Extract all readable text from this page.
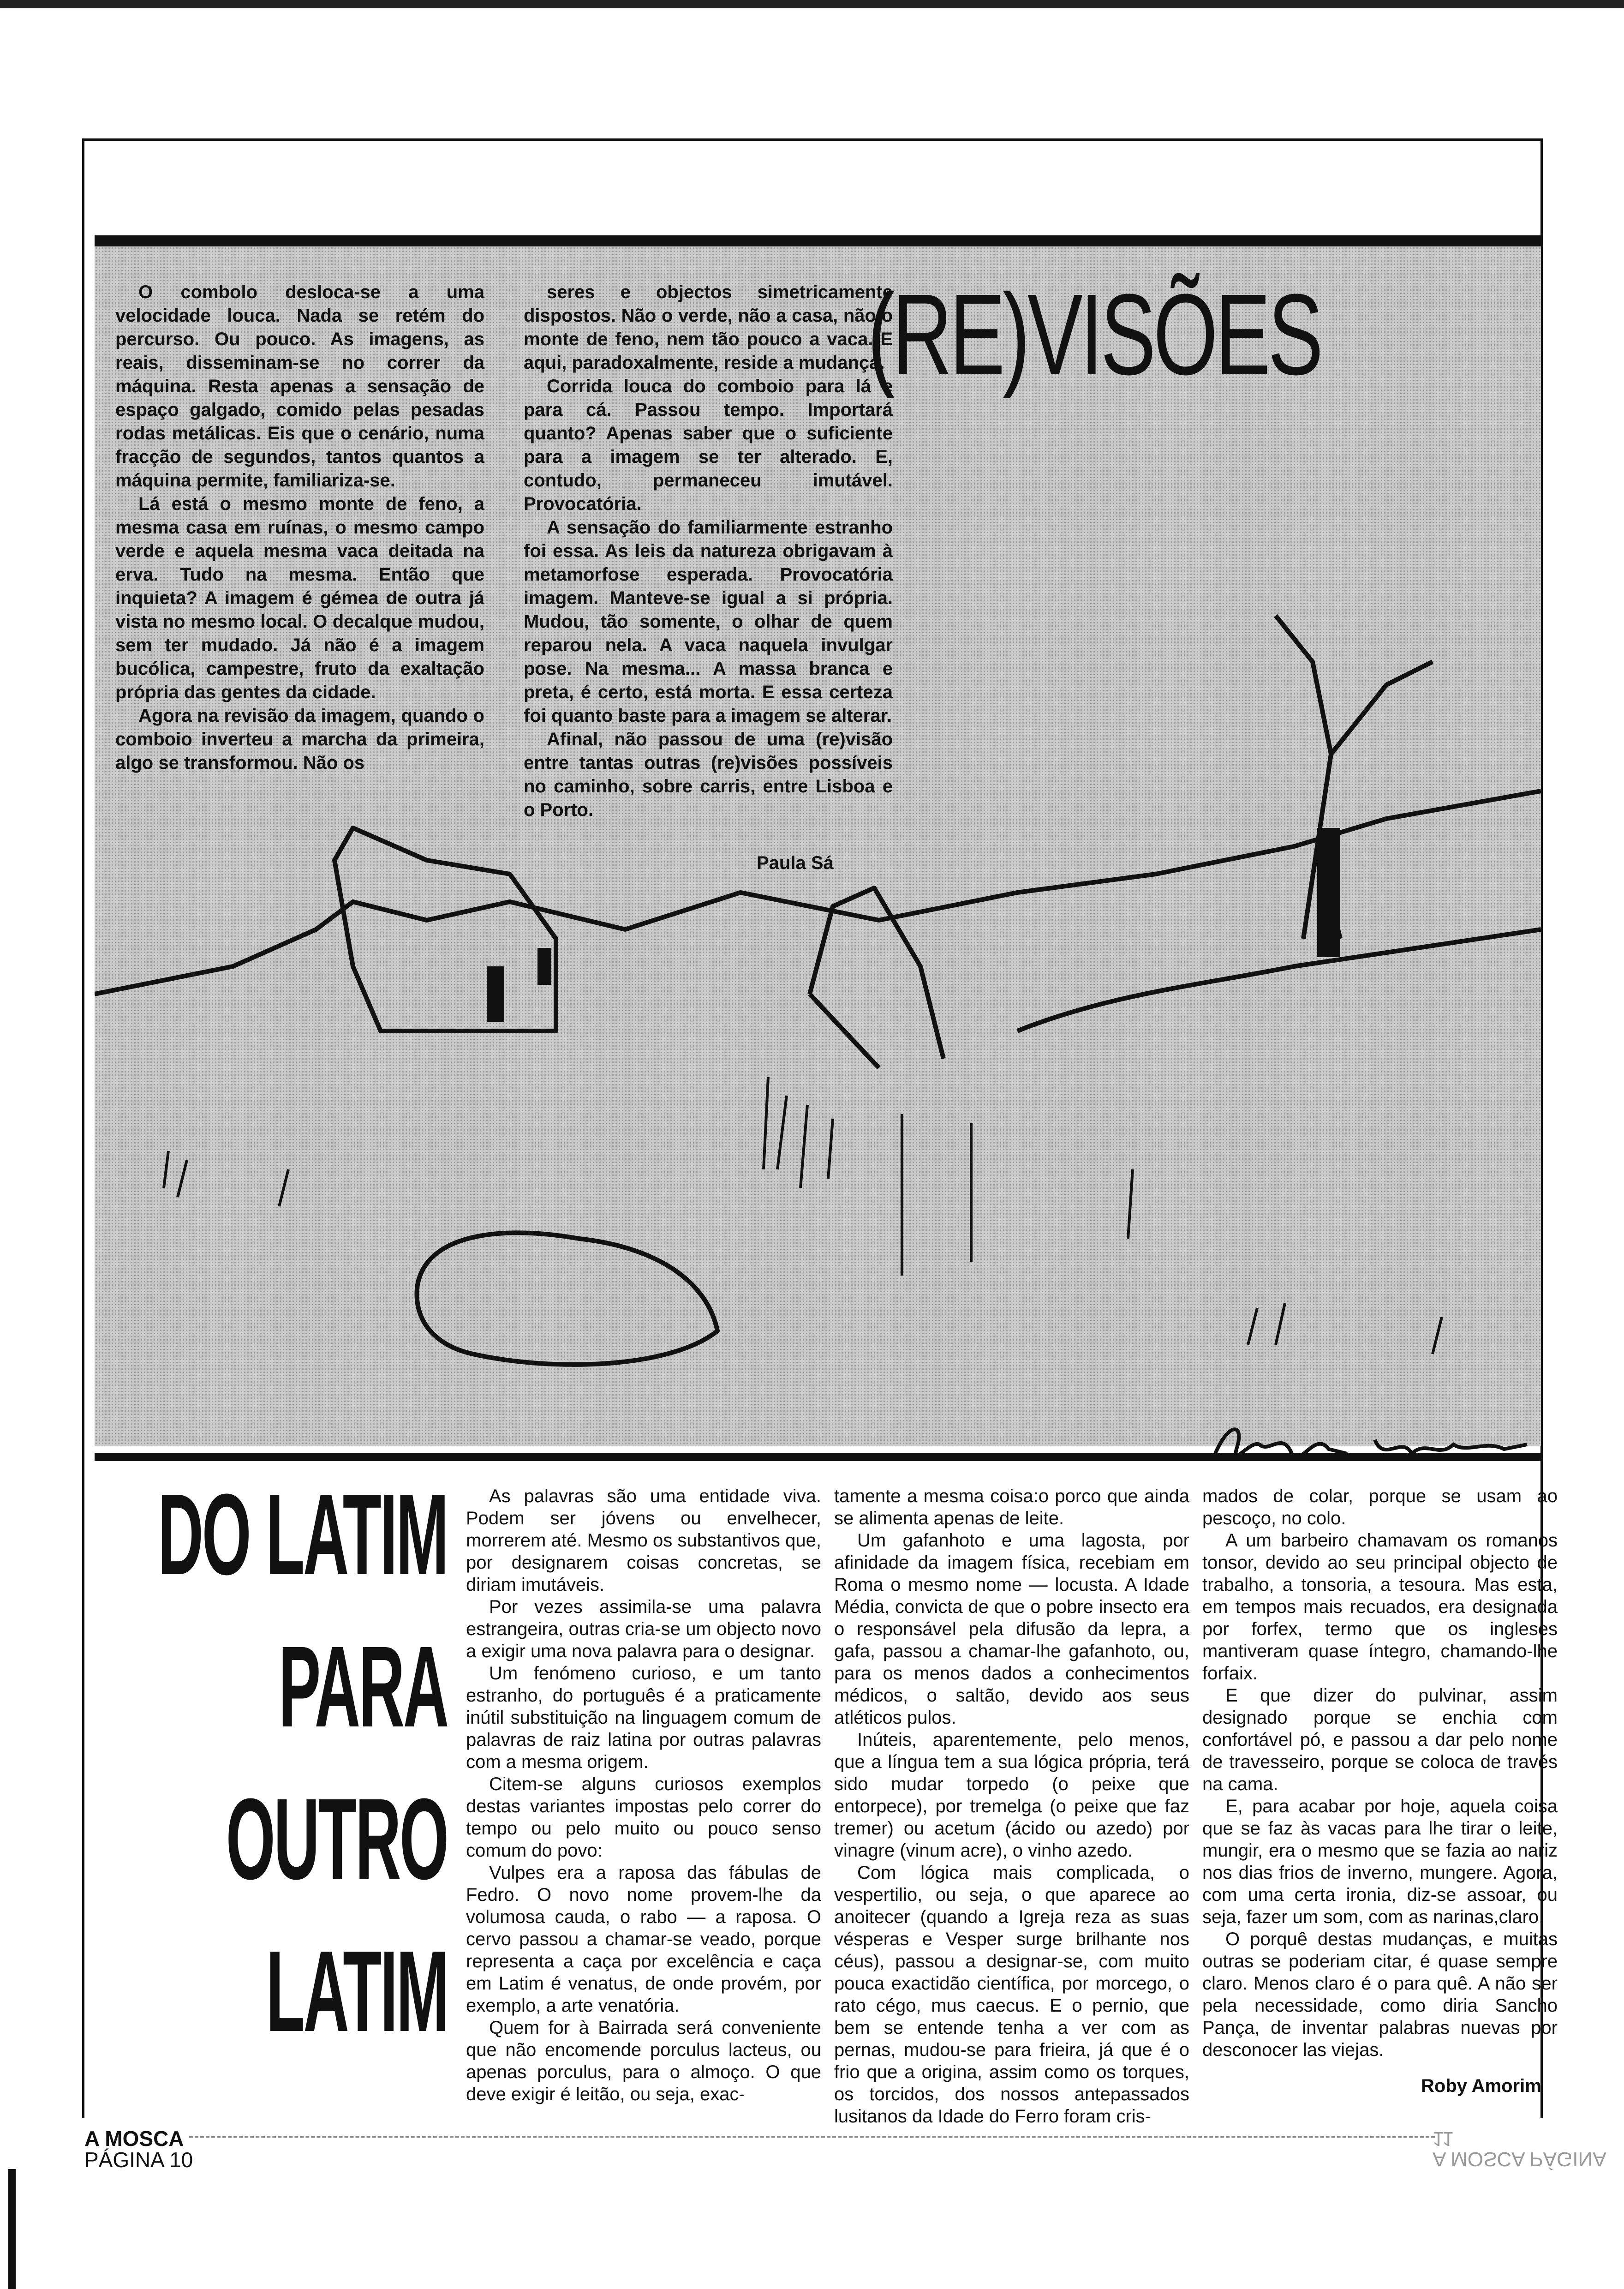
O combolo desloca-se a uma velocidade louca. Nada se retém do percurso. Ou pouco. As imagens, as reais, disseminam-se no correr da máquina. Resta apenas a sensação de espaço galgado, comido pelas pesadas rodas metálicas. Eis que o cenário, numa fracção de segundos, tantos quantos a máquina permite, familiariza-se.

Lá está o mesmo monte de feno, a mesma casa em ruínas, o mesmo campo verde e aquela mesma vaca deitada na erva. Tudo na mesma. Então que inquieta? A imagem é gémea de outra já vista no mesmo local. O decalque mudou, sem ter mudado. Já não é a imagem bucólica, campestre, fruto da exaltação própria das gentes da cidade.

Agora na revisão da imagem, quando o comboio inverteu a marcha da primeira, algo se transformou. Não os

seres e objectos simetricamente dispostos. Não o verde, não a casa, não o monte de feno, nem tão pouco a vaca. E aqui, paradoxalmente, reside a mudança.

Corrida louca do comboio para lá e para cá. Passou tempo. Importará quanto? Apenas saber que o suficiente para a imagem se ter alterado. E, contudo, permaneceu imutável. Provocatória.

A sensação do familiarmente estranho foi essa. As leis da natureza obrigavam à metamorfose esperada. Provocatória imagem. Manteve-se igual a si própria. Mudou, tão somente, o olhar de quem reparou nela. A vaca naquela invulgar pose. Na mesma... A massa branca e preta, é certo, está morta. E essa certeza foi quanto baste para a imagem se alterar.

Afinal, não passou de uma (re)visão entre tantas outras (re)visões possíveis no caminho, sobre carris, entre Lisboa e o Porto.

(RE)VISÕES
Paula Sá
DO LATIM
PARA
OUTRO
LATIM

As palavras são uma entidade viva. Podem ser jóvens ou envelhecer, morrerem até. Mesmo os substantivos que, por designarem coisas concretas, se diriam imutáveis.

Por vezes assimila-se uma palavra estrangeira, outras cria-se um objecto novo a exigir uma nova palavra para o designar.

Um fenómeno curioso, e um tanto estranho, do português é a praticamente inútil substituição na linguagem comum de palavras de raiz latina por outras palavras com a mesma origem.

Citem-se alguns curiosos exemplos destas variantes impostas pelo correr do tempo ou pelo muito ou pouco senso comum do povo:

Vulpes era a raposa das fábulas de Fedro. O novo nome provem-lhe da volumosa cauda, o rabo — a raposa. O cervo passou a chamar-se veado, porque representa a caça por excelência e caça em Latim é venatus, de onde provém, por exemplo, a arte venatória.

Quem for à Bairrada será conveniente que não encomende porculus lacteus, ou apenas porculus, para o almoço. O que deve exigir é leitão, ou seja, exac-

tamente a mesma coisa:o porco que ainda se alimenta apenas de leite.

Um gafanhoto e uma lagosta, por afinidade da imagem física, recebiam em Roma o mesmo nome — locusta. A Idade Média, convicta de que o pobre insecto era o responsável pela difusão da lepra, a gafa, passou a chamar-lhe gafanhoto, ou, para os menos dados a conhecimentos médicos, o saltão, devido aos seus atléticos pulos.

Inúteis, aparentemente, pelo menos, que a língua tem a sua lógica própria, terá sido mudar torpedo (o peixe que entorpece), por tremelga (o peixe que faz tremer) ou acetum (ácido ou azedo) por vinagre (vinum acre), o vinho azedo.

Com lógica mais complicada, o vespertilio, ou seja, o que aparece ao anoitecer (quando a Igreja reza as suas vésperas e Vesper surge brilhante nos céus), passou a designar-se, com muito pouca exactidão científica, por morcego, o rato cégo, mus caecus. E o pernio, que bem se entende tenha a ver com as pernas, mudou-se para frieira, já que é o frio que a origina, assim como os torques, os torcidos, dos nossos antepassados lusitanos da Idade do Ferro foram cris-

mados de colar, porque se usam ao pescoço, no colo.

A um barbeiro chamavam os romanos tonsor, devido ao seu principal objecto de trabalho, a tonsoria, a tesoura. Mas esta, em tempos mais recuados, era designada por forfex, termo que os ingleses mantiveram quase íntegro, chamando-lhe forfaix.

E que dizer do pulvinar, assim designado porque se enchia com confortável pó, e passou a dar pelo nome de travesseiro, porque se coloca de través na cama.

E, para acabar por hoje, aquela coisa que se faz às vacas para lhe tirar o leite, mungir, era o mesmo que se fazia ao nariz nos dias frios de inverno, mungere. Agora, com uma certa ironia, diz-se assoar, ou seja, fazer um som, com as narinas,claro.

O porquê destas mudanças, e muitas outras se poderiam citar, é quase sempre claro. Menos claro é o para quê. A não ser pela necessidade, como diria Sancho Pança, de inventar palabras nuevas por desconocer las viejas.

Roby Amorim
A MOSCA
PÁGINA 10	A MOSCA PÁGINA 11
